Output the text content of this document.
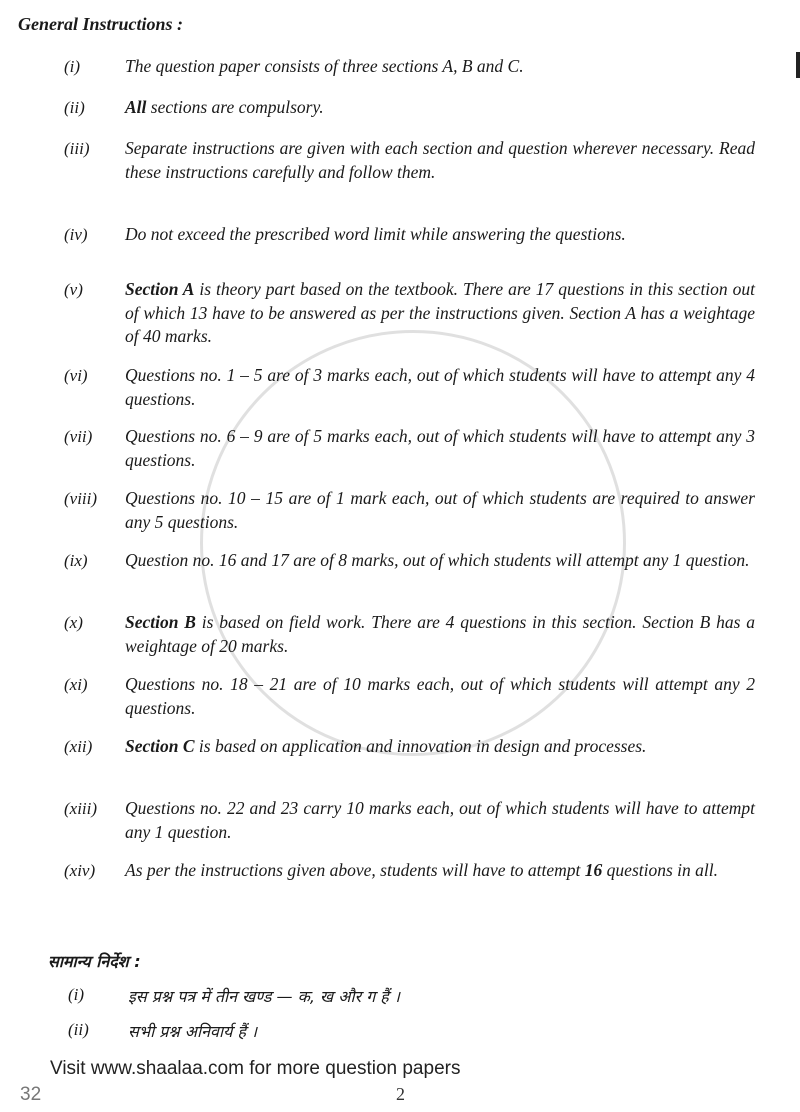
General Instructions :
(i)	The question paper consists of three sections A, B and C.
(ii) All sections are compulsory.
(iii) Separate instructions are given with each section and question wherever necessary. Read these instructions carefully and follow them.
(iv) Do not exceed the prescribed word limit while answering the questions.
(v) Section A is theory part based on the textbook. There are 17 questions in this section out of which 13 have to be answered as per the instructions given. Section A has a weightage of 40 marks.
(vi) Questions no. 1 – 5 are of 3 marks each, out of which students will have to attempt any 4 questions.
(vii) Questions no. 6 – 9 are of 5 marks each, out of which students will have to attempt any 3 questions.
(viii) Questions no. 10 – 15 are of 1 mark each, out of which students are required to answer any 5 questions.
(ix) Question no. 16 and 17 are of 8 marks, out of which students will attempt any 1 question.
(x) Section B is based on field work. There are 4 questions in this section. Section B has a weightage of 20 marks.
(xi) Questions no. 18 – 21 are of 10 marks each, out of which students will attempt any 2 questions.
(xii) Section C is based on application and innovation in design and processes.
(xiii) Questions no. 22 and 23 carry 10 marks each, out of which students will have to attempt any 1 question.
(xiv) As per the instructions given above, students will have to attempt 16 questions in all.
सामान्य निर्देश :
(i)	इस प्रश्न पत्र में तीन खण्ड — क, ख और ग हैं ।
(ii) सभी प्रश्न अनिवार्य हैं ।
Visit www.shaalaa.com for more question papers
32	2
